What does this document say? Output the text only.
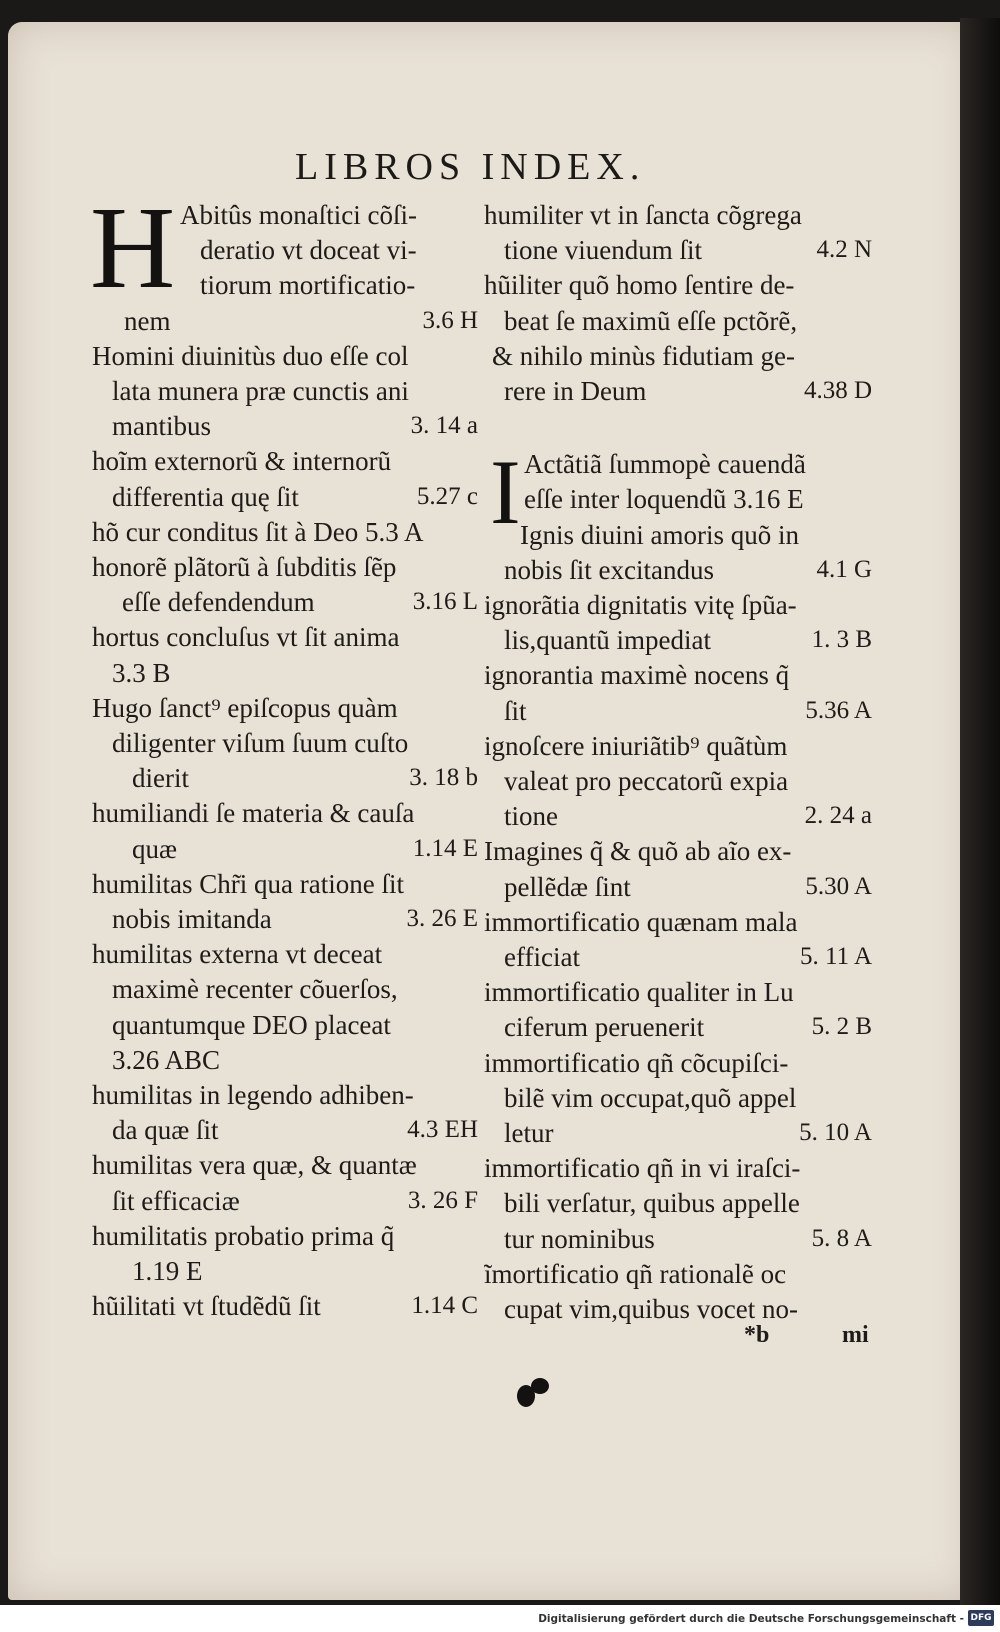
LIBROS INDEX.
H
I
Abitûs monaſtici cõſi-
deratio vt doceat vi-
tiorum mortificatio-
nem	3.6 H
Homini diuinitùs duo eſſe col
lata munera præ cunctis ani
mantibus	3. 14 a
hoĩm externorũ & internorũ
differentia quę ſit	5.27 c
hõ cur conditus ſit à Deo 5.3 A
honorẽ plãtorũ à ſubditis ſẽp
eſſe defendendum	3.16 L
hortus concluſus vt ſit anima
3.3 B
Hugo ſanct⁹ epiſcopus quàm
diligenter viſum ſuum cuſto
dierit	3. 18 b
humiliandi ſe materia & cauſa
quæ	1.14 E
humilitas Chr̃i qua ratione ſit
nobis imitanda	3. 26 E
humilitas externa vt deceat
maximè recenter cõuerſos,
quantumque DEO placeat
3.26 ABC
humilitas in legendo adhiben-
da quæ ſit	4.3 EH
humilitas vera quæ, & quantæ
ſit efficaciæ	3. 26 F
humilitatis probatio prima q̃
1.19 E
hũilitati vt ſtudẽdũ ſit	1.14 C
humiliter vt in ſancta cõgrega
tione viuendum ſit	4.2 N
hũiliter quõ homo ſentire de-
beat ſe maximũ eſſe pctõrẽ,
& nihilo minùs fidutiam ge-
rere in Deum	4.38 D
Actãtiã ſummopè cauendã
eſſe inter loquendũ 3.16 E
Ignis diuini amoris quõ in
nobis ſit excitandus	4.1 G
ignorãtia dignitatis vitę ſpũa-
lis,quantũ impediat	1. 3 B
ignorantia maximè nocens q̃
ſit	5.36 A
ignoſcere iniuriãtib⁹ quãtùm
valeat pro peccatorũ expia
tione	2. 24 a
Imagines q̃ & quõ ab aĩo ex-
pellẽdæ ſint	5.30 A
immortificatio quænam mala
efficiat	5. 11 A
immortificatio qualiter in Lu
ciferum peruenerit	5. 2 B
immortificatio qñ cõcupiſci-
bilẽ vim occupat,quõ appel
letur	5. 10 A
immortificatio qñ in vi iraſci-
bili verſatur, quibus appelle
tur nominibus	5. 8 A
ĩmortificatio qñ rationalẽ oc
cupat vim,quibus vocet no-
*b	mi
Digitalisierung gefördert durch die Deutsche Forschungsgemeinschaft - DFG
